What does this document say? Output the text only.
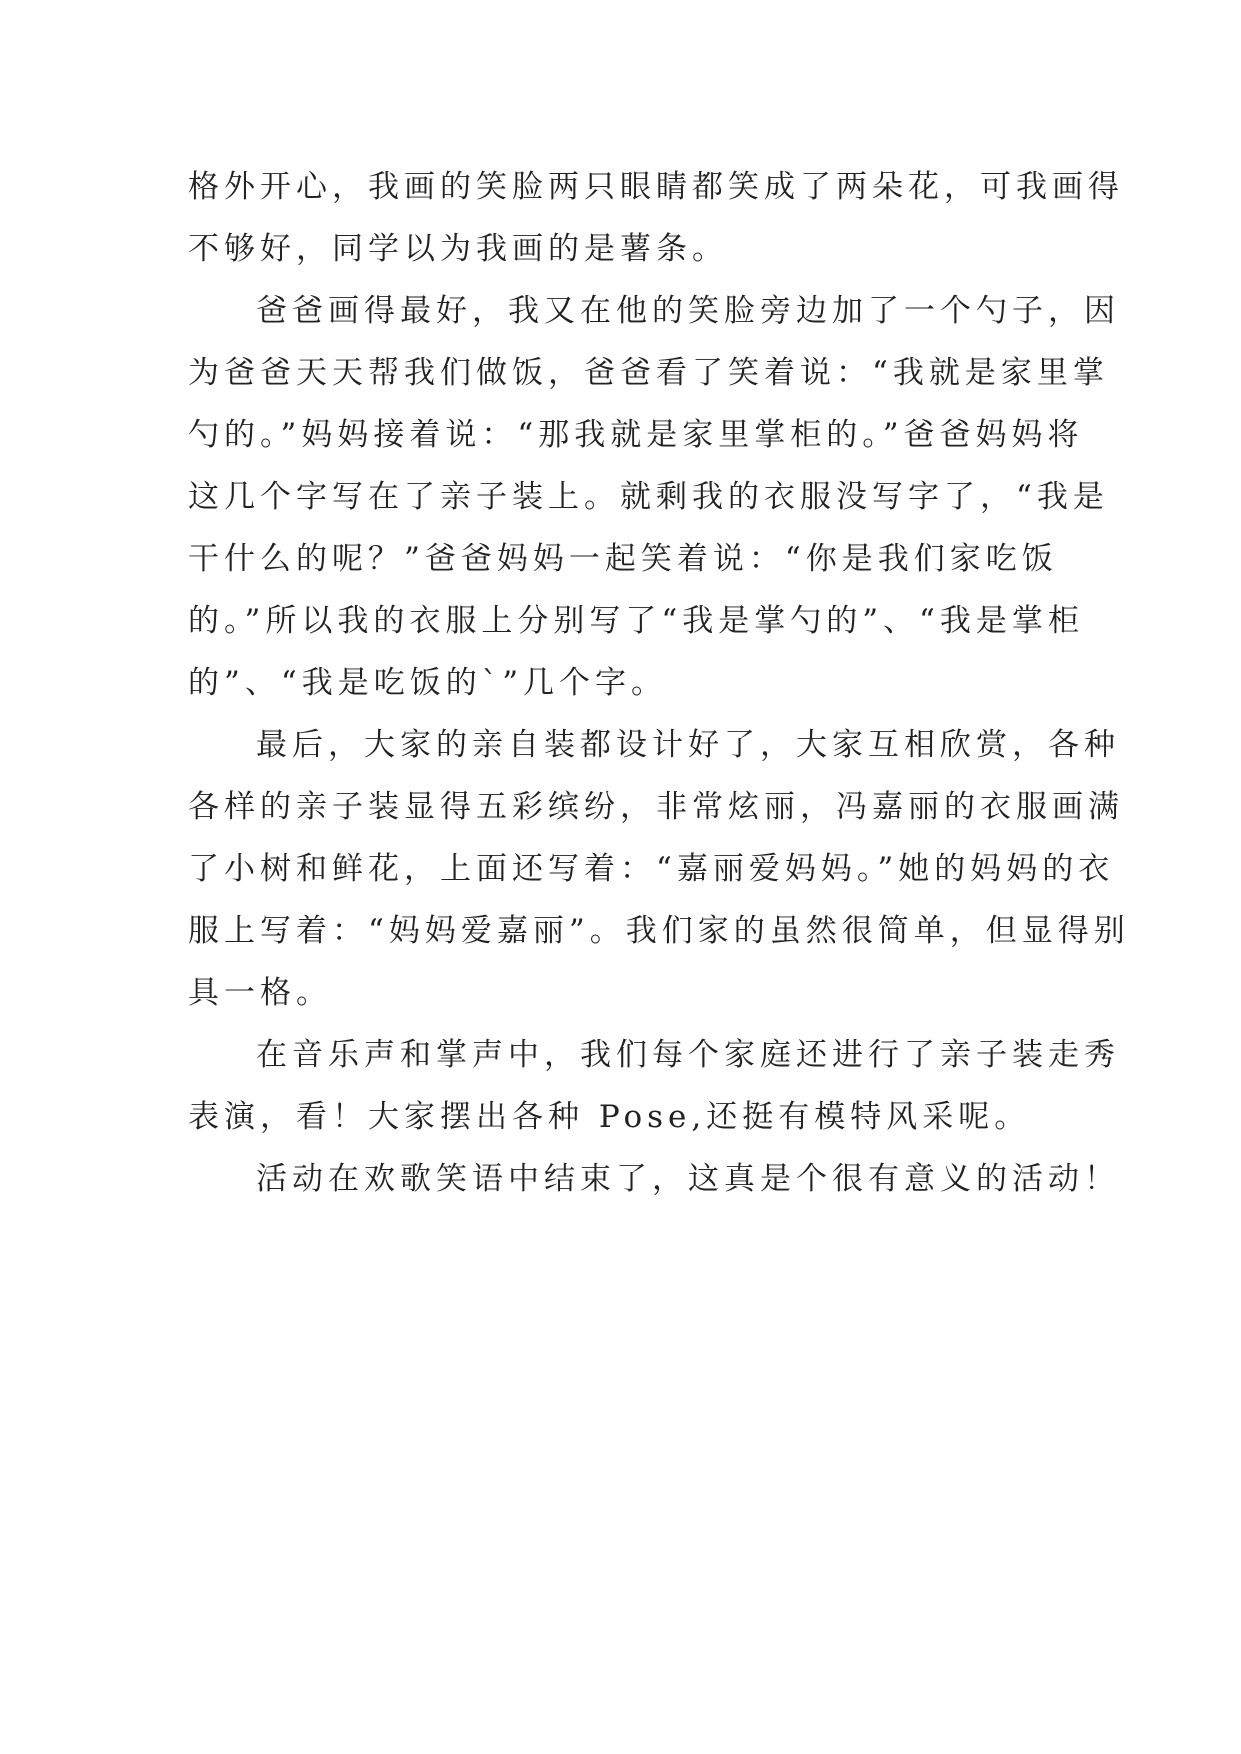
格外开心，我画的笑脸两只眼睛都笑成了两朵花，可我画得
不够好，同学以为我画的是薯条。
爸爸画得最好，我又在他的笑脸旁边加了一个勺子，因
为爸爸天天帮我们做饭，爸爸看了笑着说：“我就是家里掌
勺的。”妈妈接着说：“那我就是家里掌柜的。”爸爸妈妈将
这几个字写在了亲子装上。就剩我的衣服没写字了，“我是
干什么的呢？”爸爸妈妈一起笑着说：“你是我们家吃饭
的。”所以我的衣服上分别写了“我是掌勺的”、“我是掌柜
的”、“我是吃饭的`”几个字。
最后，大家的亲自装都设计好了，大家互相欣赏，各种
各样的亲子装显得五彩缤纷，非常炫丽，冯嘉丽的衣服画满
了小树和鲜花，上面还写着：“嘉丽爱妈妈。”她的妈妈的衣
服上写着：“妈妈爱嘉丽”。我们家的虽然很简单，但显得别
具一格。
在音乐声和掌声中，我们每个家庭还进行了亲子装走秀
表演，看！大家摆出各种 Pose,还挺有模特风采呢。
活动在欢歌笑语中结束了，这真是个很有意义的活动！
